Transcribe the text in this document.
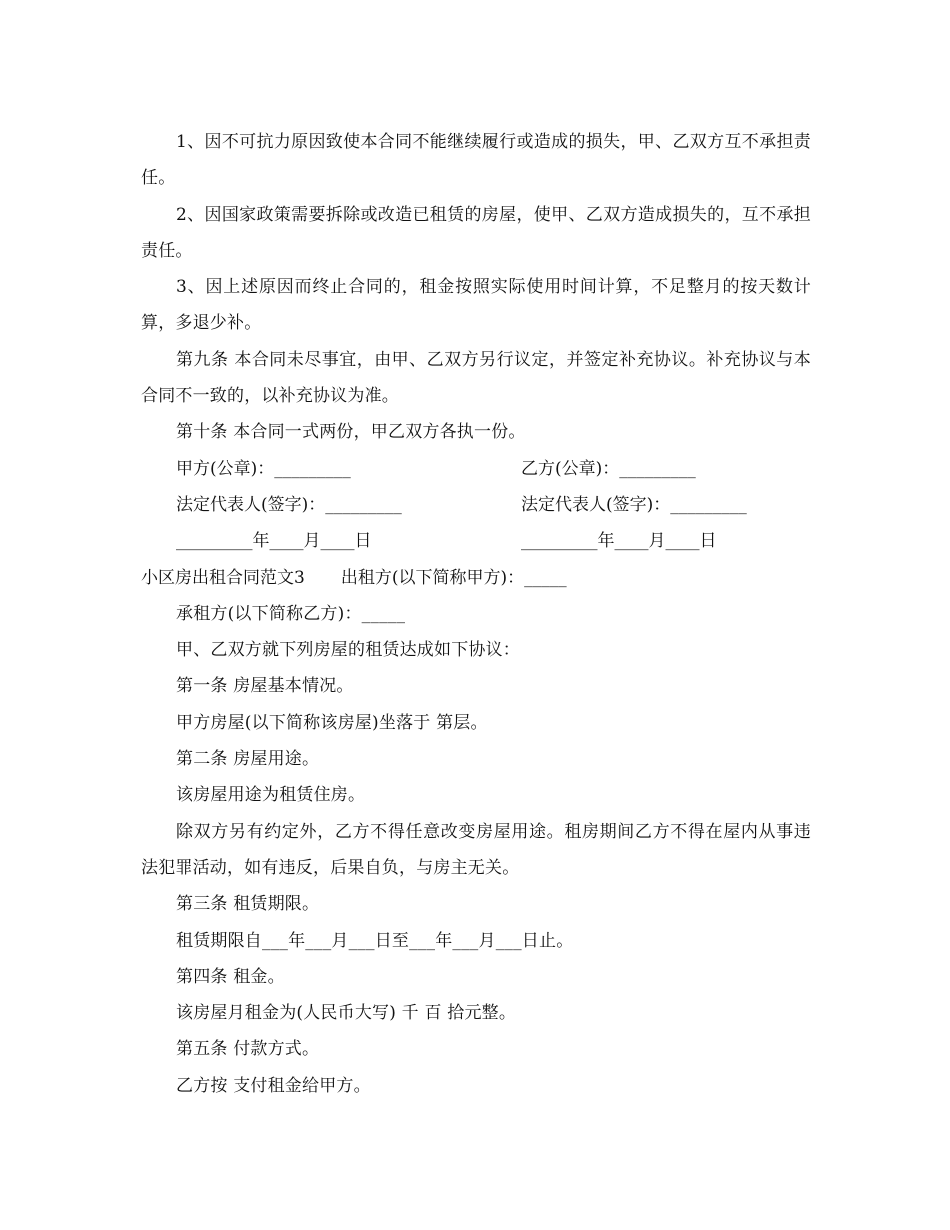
1、因不可抗力原因致使本合同不能继续履行或造成的损失，甲、乙双方互不承担责任。

2、因国家政策需要拆除或改造已租赁的房屋，使甲、乙双方造成损失的，互不承担责任。

3、因上述原因而终止合同的，租金按照实际使用时间计算，不足整月的按天数计算，多退少补。

第九条 本合同未尽事宜，由甲、乙双方另行议定，并签定补充协议。补充协议与本合同不一致的，以补充协议为准。

第十条 本合同一式两份，甲乙双方各执一份。

甲方(公章)：_________	乙方(公章)：_________
法定代表人(签字)：_________	法定代表人(签字)：_________
_________年____月____日	_________年____月____日

小区房出租合同范文3 出租方(以下简称甲方)：_____

承租方(以下简称乙方)：_____

甲、乙双方就下列房屋的租赁达成如下协议：

第一条 房屋基本情况。

甲方房屋(以下简称该房屋)坐落于 第层。

第二条 房屋用途。

该房屋用途为租赁住房。

除双方另有约定外，乙方不得任意改变房屋用途。租房期间乙方不得在屋内从事违法犯罪活动，如有违反，后果自负，与房主无关。

第三条 租赁期限。

租赁期限自___年___月___日至___年___月___日止。

第四条 租金。

该房屋月租金为(人民币大写) 千 百 拾元整。

第五条 付款方式。

乙方按 支付租金给甲方。
